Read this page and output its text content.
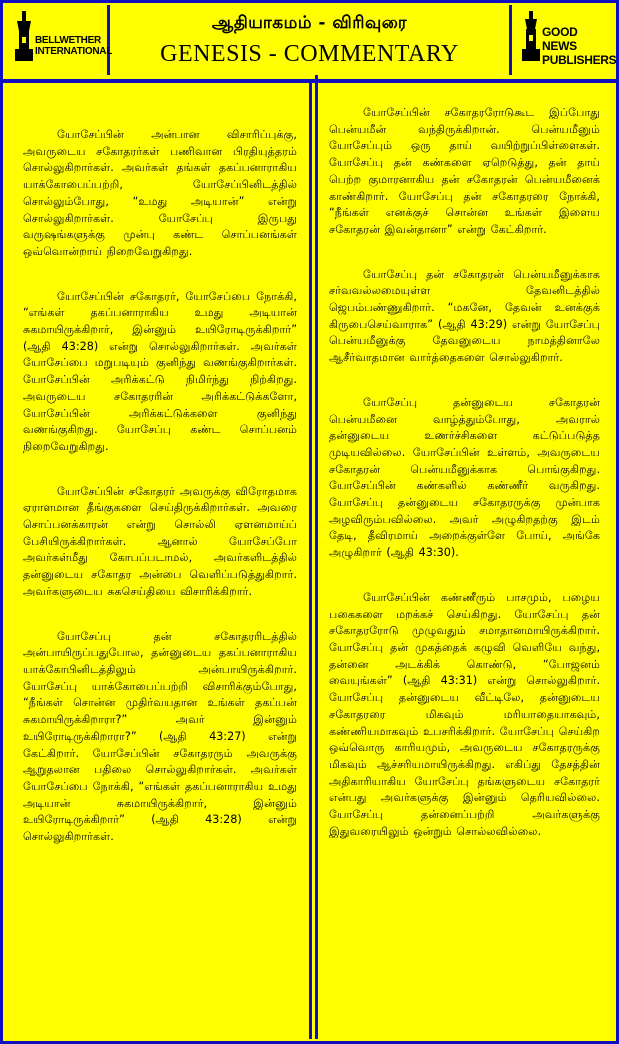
BELLWETHER INTERNATIONAL
ஆதியாகமம் - விரிவுரை
GENESIS - COMMENTARY
GOOD NEWS PUBLISHERS

யோசேப்பின் அன்பான விசாரிப்புக்கு, அவருடைய சகோதரர்கள் பணிவான பிரதியுத்தரம் சொல்லுகிறார்கள். அவர்கள் தங்கள் தகப்பனாராகிய யாக்கோபைப்பற்றி, யோசேப்பினிடத்தில் சொல்லும்போது, “உமது அடியான்” என்று சொல்லுகிறார்கள். யோசேப்பு இருபது வருஷங்களுக்கு முன்பு கண்ட சொப்பனங்கள் ஒவ்வொன்றாய் நிறைவேறுகிறது.

யோசேப்பின் சகோதரர், யோசேப்பை நோக்கி, “எங்கள் தகப்பனாராகிய உமது அடியான் சுகமாயிருக்கிறார், இன்னும் உயிரோடிருக்கிறார்” (ஆதி 43:28) என்று சொல்லுகிறார்கள். அவர்கள் யோசேப்பை மறுபடியும் குனிந்து வணங்குகிறார்கள். யோசேப்பின் அரிக்கட்டு நிமிர்ந்து நிற்கிறது. அவருடைய சகோதரரின் அரிக்கட்டுக்களோ, யோசேப்பின் அரிக்கட்டுக்களை குனிந்து வணங்குகிறது. யோசேப்பு கண்ட சொப்பனம் நிறைவேறுகிறது.

யோசேப்பின் சகோதரர் அவருக்கு விரோதமாக ஏராளமான தீங்குகளை செய்திருக்கிறார்கள். அவரை சொப்பனக்காரன் என்று சொல்லி ஏளனமாய்ப் பேசியிருக்கிறார்கள். ஆனால் யோசேப்போ அவர்கள்மீது கோபப்படாமல், அவர்களிடத்தில் தன்னுடைய சகோதர அன்பை வெளிப்படுத்துகிறார். அவர்களுடைய சுகசெய்தியை விசாரிக்கிறார்.

யோசேப்பு தன் சகோதரரிடத்தில் அன்பாயிருப்பதுபோல, தன்னுடைய தகப்பனாராகிய யாக்கோபினிடத்திலும் அன்பாயிருக்கிறார். யோசேப்பு யாக்கோபைப்பற்றி விசாரிக்கும்போது, “நீங்கள் சொன்ன முதிர்வயதான உங்கள் தகப்பன் சுகமாயிருக்கிறாரா?” அவர் இன்னும் உயிரோடிருக்கிறாரா?” (ஆதி 43:27) என்று கேட்கிறார். யோசேப்பின் சகோதரரும் அவருக்கு ஆறுதலான பதிலை சொல்லுகிறார்கள். அவர்கள் யோசேப்பை நோக்கி, “எங்கள் தகப்பனாராகிய உமது அடியான் சுகமாயிருக்கிறார், இன்னும் உயிரோடிருக்கிறார்” (ஆதி 43:28) என்று சொல்லுகிறார்கள்.

யோசேப்பின் சகோதரரோடுகூட இப்போது பென்யமீன் வந்திருக்கிறான். பென்யமீனும் யோசேப்பும் ஒரு தாய் வயிற்றுப்பிள்ளைகள். யோசேப்பு தன் கண்களை ஏறெடுத்து, தன் தாய் பெற்ற குமாரனாகிய தன் சகோதரன் பென்யமீனைக் காண்கிறார். யோசேப்பு தன் சகோதரரை நோக்கி, “நீங்கள் எனக்குச் சொன்ன உங்கள் இளைய சகோதரன் இவன்தானா” என்று கேட்கிறார்.

யோசேப்பு தன் சகோதரன் பென்யமீனுக்காக சர்வவல்லமையுள்ள தேவனிடத்தில் ஜெபம்பண்ணுகிறார். “மகனே, தேவன் உனக்குக் கிருபைசெய்வாராக” (ஆதி 43:29) என்று யோசேப்பு பென்யமீனுக்கு தேவனுடைய நாமத்தினாலே ஆசீர்வாதமான வார்த்தைகளை சொல்லுகிறார்.

யோசேப்பு தன்னுடைய சகோதரன் பென்யமீனை வாழ்த்தும்போது, அவரால் தன்னுடைய உணர்ச்சிகளை கட்டுப்படுத்த முடியவில்லை. யோசேப்பின் உள்ளம், அவருடைய சகோதரன் பென்யமீனுக்காக பொங்குகிறது. யோசேப்பின் கண்களில் கண்ணீர் வருகிறது. யோசேப்பு தன்னுடைய சகோதரருக்கு முன்பாக அழவிரும்பவில்லை. அவர் அழுகிறதற்கு இடம் தேடி, தீவிரமாய் அறைக்குள்ளே போய், அங்கே அழுகிறார் (ஆதி 43:30).

யோசேப்பின் கண்ணீரும் பாசமும், பழைய பகைகளை மறக்கச் செய்கிறது. யோசேப்பு தன் சகோதரரோடு முழுவதும் சமாதானமாயிருக்கிறார். யோசேப்பு தன் முகத்தைக் கழுவி வெளியே வந்து, தன்னை அடக்கிக் கொண்டு, “போஜனம் வையுங்கள்” (ஆதி 43:31) என்று சொல்லுகிறார். யோசேப்பு தன்னுடைய வீட்டிலே, தன்னுடைய சகோதரரை மிகவும் மரியாதையாகவும், கண்ணியமாகவும் உபசரிக்கிறார். யோசேப்பு செய்கிற ஒவ்வொரு காரியமும், அவருடைய சகோதரருக்கு மிகவும் ஆச்சரியமாயிருக்கிறது. எகிப்து தேசத்தின் அதிகாரியாகிய யோசேப்பு தங்களுடைய சகோதரர் என்பது அவர்களுக்கு இன்னும் தெரியவில்லை. யோசேப்பு தன்னைப்பற்றி அவர்களுக்கு இதுவரையிலும் ஒன்றும் சொல்லவில்லை.
